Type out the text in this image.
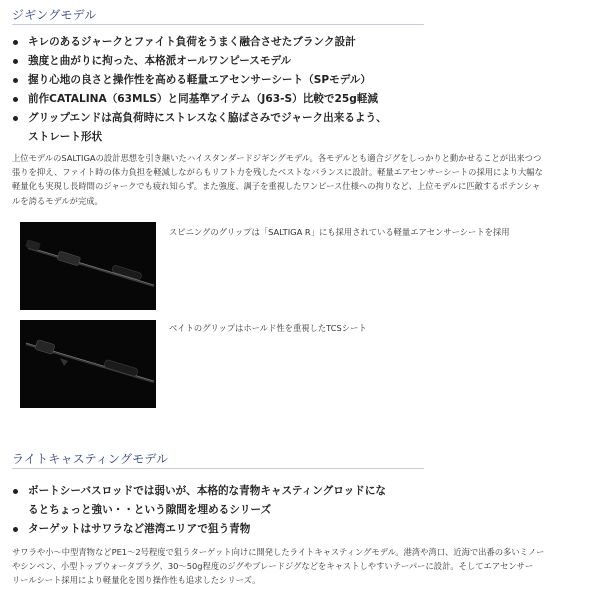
ジギングモデル
キレのあるジャークとファイト負荷をうまく融合させたブランク設計
強度と曲がりに拘った、本格派オールワンピースモデル
握り心地の良さと操作性を高める軽量エアセンサーシート（SPモデル）
前作CATALINA（63MLS）と同基準アイテム（J63-S）比較で25g軽減
グリップエンドは高負荷時にストレスなく脇ばさみでジャーク出来るよう、
ストレート形状

上位モデルのSALTIGAの設計思想を引き継いたハイスタンダードジギングモデル。各モデルとも適合ジグをしっかりと動かせることが出来つつ
張りを抑え、ファイト時の体力負担を軽減しながらもリフト力を残したベストなバランスに設計。軽量エアセンサーシートの採用により大幅な
軽量化も実現し長時間のジャークでも疲れ知らず。また強度、調子を重視したワンピース仕様への拘りなど、上位モデルに匹敵するポテンシャ
ルを誇るモデルが完成。

スピニングのグリップは「SALTIGA R」にも採用されている軽量エアセンサーシートを採用
ベイトのグリップはホールド性を重視したTCSシート
ライトキャスティングモデル
ボートシーバスロッドでは弱いが、本格的な青物キャスティングロッドにな
るとちょっと強い・・という隙間を埋めるシリーズ
ターゲットはサワラなど港湾エリアで狙う青物

サワラや小〜中型青物などPE1〜2号程度で狙うターゲット向けに開発したライトキャスティングモデル。港湾や湾口、近海で出番の多いミノー
やシンペン、小型トップウォータプラグ、30〜50g程度のジグやブレードジグなどをキャストしやすいテーパーに設計。そしてエアセンサー
リールシート採用により軽量化を図り操作性も追求したシリーズ。
